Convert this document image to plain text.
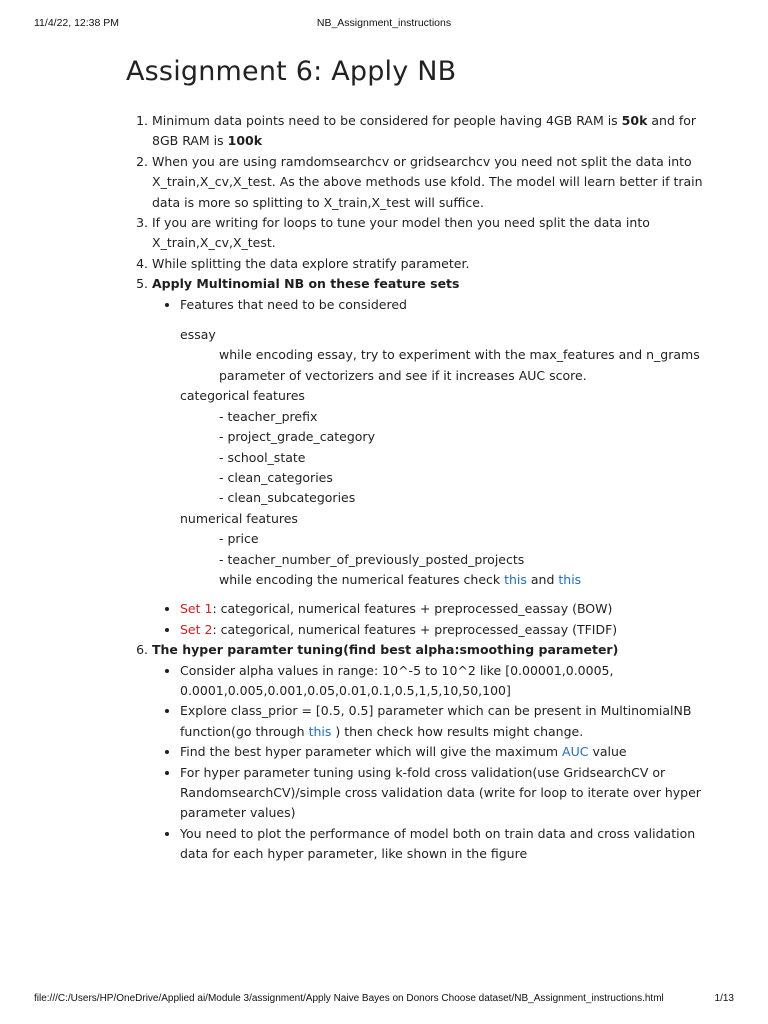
11/4/22, 12:38 PM	NB_Assignment_instructions
Assignment 6: Apply NB
1. Minimum data points need to be considered for people having 4GB RAM is 50k and for 8GB RAM is 100k
2. When you are using ramdomsearchcv or gridsearchcv you need not split the data into X_train,X_cv,X_test. As the above methods use kfold. The model will learn better if train data is more so splitting to X_train,X_test will suffice.
3. If you are writing for loops to tune your model then you need split the data into X_train,X_cv,X_test.
4. While splitting the data explore stratify parameter.
5. Apply Multinomial NB on these feature sets
• Features that need to be considered
essay
while encoding essay, try to experiment with the max_features and n_grams parameter of vectorizers and see if it increases AUC score.
categorical features
- teacher_prefix
- project_grade_category
- school_state
- clean_categories
- clean_subcategories
numerical features
- price
- teacher_number_of_previously_posted_projects
while encoding the numerical features check this and this
• Set 1: categorical, numerical features + preprocessed_eassay (BOW)
• Set 2: categorical, numerical features + preprocessed_eassay (TFIDF)
6. The hyper paramter tuning(find best alpha:smoothing parameter)
• Consider alpha values in range: 10^-5 to 10^2 like [0.00001,0.0005, 0.0001,0.005,0.001,0.05,0.01,0.1,0.5,1,5,10,50,100]
• Explore class_prior = [0.5, 0.5] parameter which can be present in MultinomialNB function(go through this ) then check how results might change.
• Find the best hyper parameter which will give the maximum AUC value
• For hyper parameter tuning using k-fold cross validation(use GridsearchCV or RandomsearchCV)/simple cross validation data (write for loop to iterate over hyper parameter values)
• You need to plot the performance of model both on train data and cross validation data for each hyper parameter, like shown in the figure
file:///C:/Users/HP/OneDrive/Applied ai/Module 3/assignment/Apply Naive Bayes on Donors Choose dataset/NB_Assignment_instructions.html	1/13
